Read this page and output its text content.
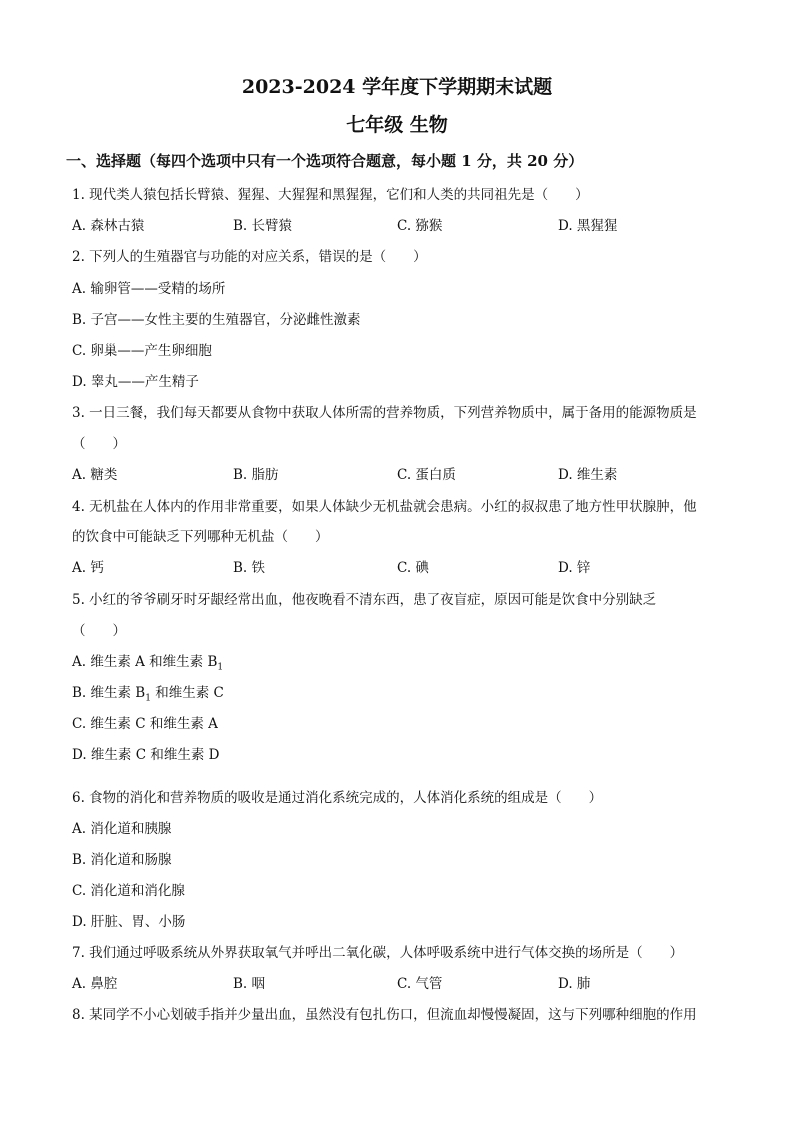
2023-2024 学年度下学期期末试题
七年级 生物
一、选择题（每四个选项中只有一个选项符合题意，每小题 1 分，共 20 分）
1. 现代类人猿包括长臂猿、猩猩、大猩猩和黑猩猩，它们和人类的共同祖先是（　　）
A. 森林古猿	B. 长臂猿	C. 猕猴	D. 黑猩猩
2. 下列人的生殖器官与功能的对应关系，错误的是（　　）
A. 输卵管——受精的场所
B. 子宫——女性主要的生殖器官，分泌雌性激素
C. 卵巢——产生卵细胞
D. 睾丸——产生精子
3. 一日三餐，我们每天都要从食物中获取人体所需的营养物质，下列营养物质中，属于备用的能源物质是
（　　）
A. 糖类	B. 脂肪	C. 蛋白质	D. 维生素
4. 无机盐在人体内的作用非常重要，如果人体缺少无机盐就会患病。小红的叔叔患了地方性甲状腺肿，他
的饮食中可能缺乏下列哪种无机盐（　　）
A. 钙	B. 铁	C. 碘	D. 锌
5. 小红的爷爷刷牙时牙龈经常出血，他夜晚看不清东西，患了夜盲症，原因可能是饮食中分别缺乏
（　　）
A. 维生素 A 和维生素 $B_1$
B. 维生素 $B_1$ 和维生素 C
C. 维生素 C 和维生素 A
D. 维生素 C 和维生素 D
6. 食物的消化和营养物质的吸收是通过消化系统完成的，人体消化系统的组成是（　　）
A. 消化道和胰腺
B. 消化道和肠腺
C. 消化道和消化腺
D. 肝脏、胃、小肠
7. 我们通过呼吸系统从外界获取氧气并呼出二氧化碳，人体呼吸系统中进行气体交换的场所是（　　）
A. 鼻腔	B. 咽	C. 气管	D. 肺
8. 某同学不小心划破手指并少量出血，虽然没有包扎伤口，但流血却慢慢凝固，这与下列哪种细胞的作用
